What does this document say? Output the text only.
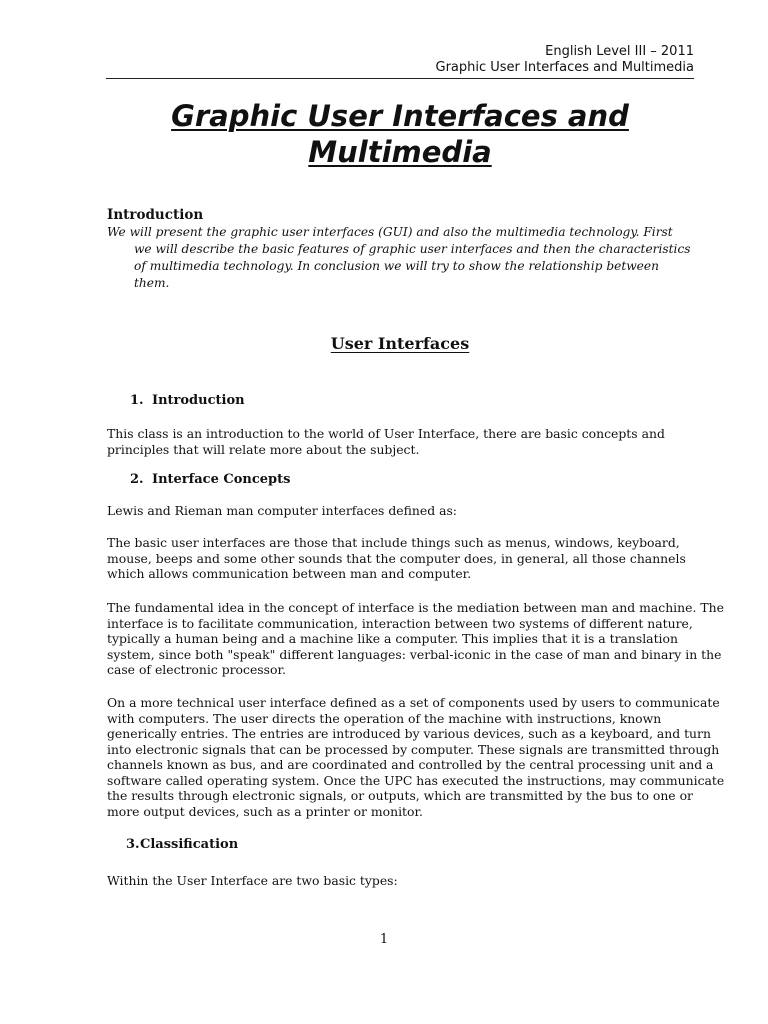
English Level III – 2011
Graphic User Interfaces and Multimedia
Graphic User Interfaces and
Multimedia
Introduction
We will present the graphic user interfaces (GUI) and also the multimedia technology. First we will describe the basic features of graphic user interfaces and then the characteristics of multimedia technology. In conclusion we will try to show the relationship between them.
User Interfaces
1. Introduction
This class is an introduction to the world of User Interface, there are basic concepts and principles that will relate more about the subject.
2. Interface Concepts
Lewis and Rieman man computer interfaces defined as:
The basic user interfaces are those that include things such as menus, windows, keyboard, mouse, beeps and some other sounds that the computer does, in general, all those channels which allows communication between man and computer.
The fundamental idea in the concept of interface is the mediation between man and machine. The interface is to facilitate communication, interaction between two systems of different nature, typically a human being and a machine like a computer. This implies that it is a translation system, since both "speak" different languages: verbal-iconic in the case of man and binary in the case of electronic processor.
On a more technical user interface defined as a set of components used by users to communicate with computers. The user directs the operation of the machine with instructions, known generically entries. The entries are introduced by various devices, such as a keyboard, and turn into electronic signals that can be processed by computer. These signals are transmitted through channels known as bus, and are coordinated and controlled by the central processing unit and a software called operating system. Once the UPC has executed the instructions, may communicate the results through electronic signals, or outputs, which are transmitted by the bus to one or more output devices, such as a printer or monitor.
3.Classification
Within the User Interface are two basic types:
1
